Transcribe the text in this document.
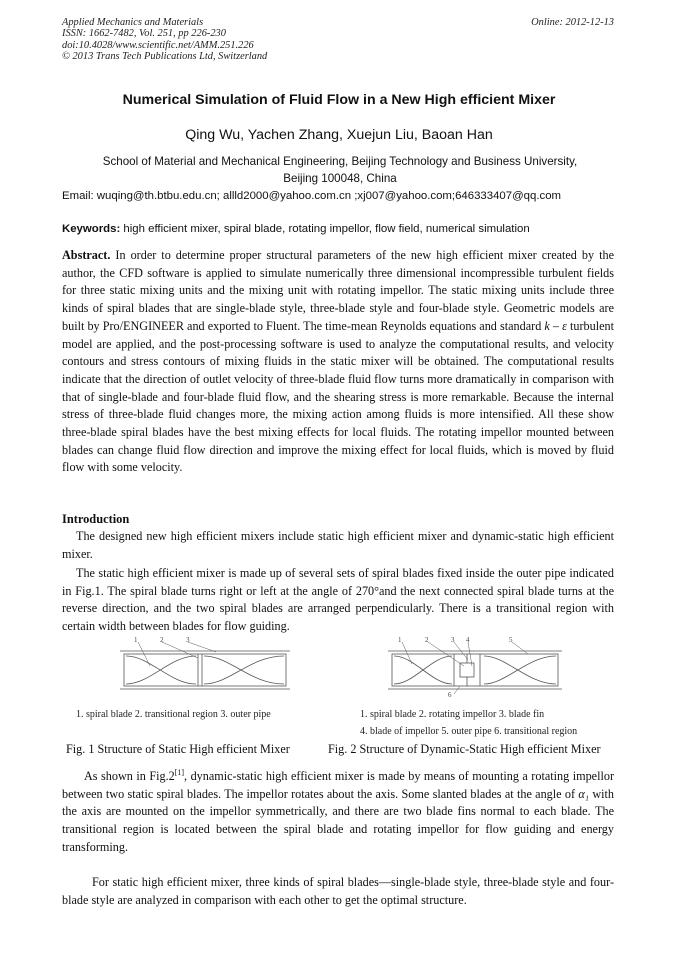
Applied Mechanics and Materials
ISSN: 1662-7482, Vol. 251, pp 226-230
doi:10.4028/www.scientific.net/AMM.251.226
© 2013 Trans Tech Publications Ltd, Switzerland
Online: 2012-12-13
Numerical Simulation of Fluid Flow in a New High efficient Mixer
Qing Wu, Yachen Zhang, Xuejun Liu, Baoan Han
School of Material and Mechanical Engineering, Beijing Technology and Business University,
Beijing 100048, China
Email: wuqing@th.btbu.edu.cn; allld2000@yahoo.com.cn ;xj007@yahoo.com;646333407@qq.com
Keywords: high efficient mixer, spiral blade, rotating impellor, flow field, numerical simulation
Abstract. In order to determine proper structural parameters of the new high efficient mixer created by the author, the CFD software is applied to simulate numerically three dimensional incompressible turbulent fields for three static mixing units and the mixing unit with rotating impellor. The static mixing units include three kinds of spiral blades that are single-blade style, three-blade style and four-blade style. Geometric models are built by Pro/ENGINEER and exported to Fluent. The time-mean Reynolds equations and standard k – ε turbulent model are applied, and the post-processing software is used to analyze the computational results, and velocity contours and stress contours of mixing fluids in the static mixer will be obtained. The computational results indicate that the direction of outlet velocity of three-blade fluid flow turns more dramatically in comparison with that of single-blade and four-blade fluid flow, and the shearing stress is more remarkable. Because the internal stress of three-blade fluid changes more, the mixing action among fluids is more intensified. All these show three-blade spiral blades have the best mixing effects for local fluids. The rotating impellor mounted between blades can change fluid flow direction and improve the mixing effect for local fluids, which is moved by fluid flow with some velocity.
Introduction
The designed new high efficient mixers include static high efficient mixer and dynamic-static high efficient mixer.
The static high efficient mixer is made up of several sets of spiral blades fixed inside the outer pipe indicated in Fig.1. The spiral blade turns right or left at the angle of 270°and the next connected spiral blade turns at the reverse direction, and the two spiral blades are arranged perpendicularly. There is a transitional region with certain width between blades for flow guiding.
1	2	3
1. spiral blade 2. transitional region 3. outer pipe
Fig. 1 Structure of Static High efficient Mixer
1	2	3 4	5
6
1. spiral blade 2. rotating impellor 3. blade fin
4. blade of impellor 5. outer pipe 6. transitional region
Fig. 2 Structure of Dynamic-Static High efficient Mixer
As shown in Fig.2[1], dynamic-static high efficient mixer is made by means of mounting a rotating impellor between two static spiral blades. The impellor rotates about the axis. Some slanted blades at the angle of α₁ with the axis are mounted on the impellor symmetrically, and there are two blade fins normal to each blade. The transitional region is located between the spiral blade and rotating impellor for flow guiding and energy transforming.
For static high efficient mixer, three kinds of spiral blades—single-blade style, three-blade style and four-blade style are analyzed in comparison with each other to get the optimal structure.
